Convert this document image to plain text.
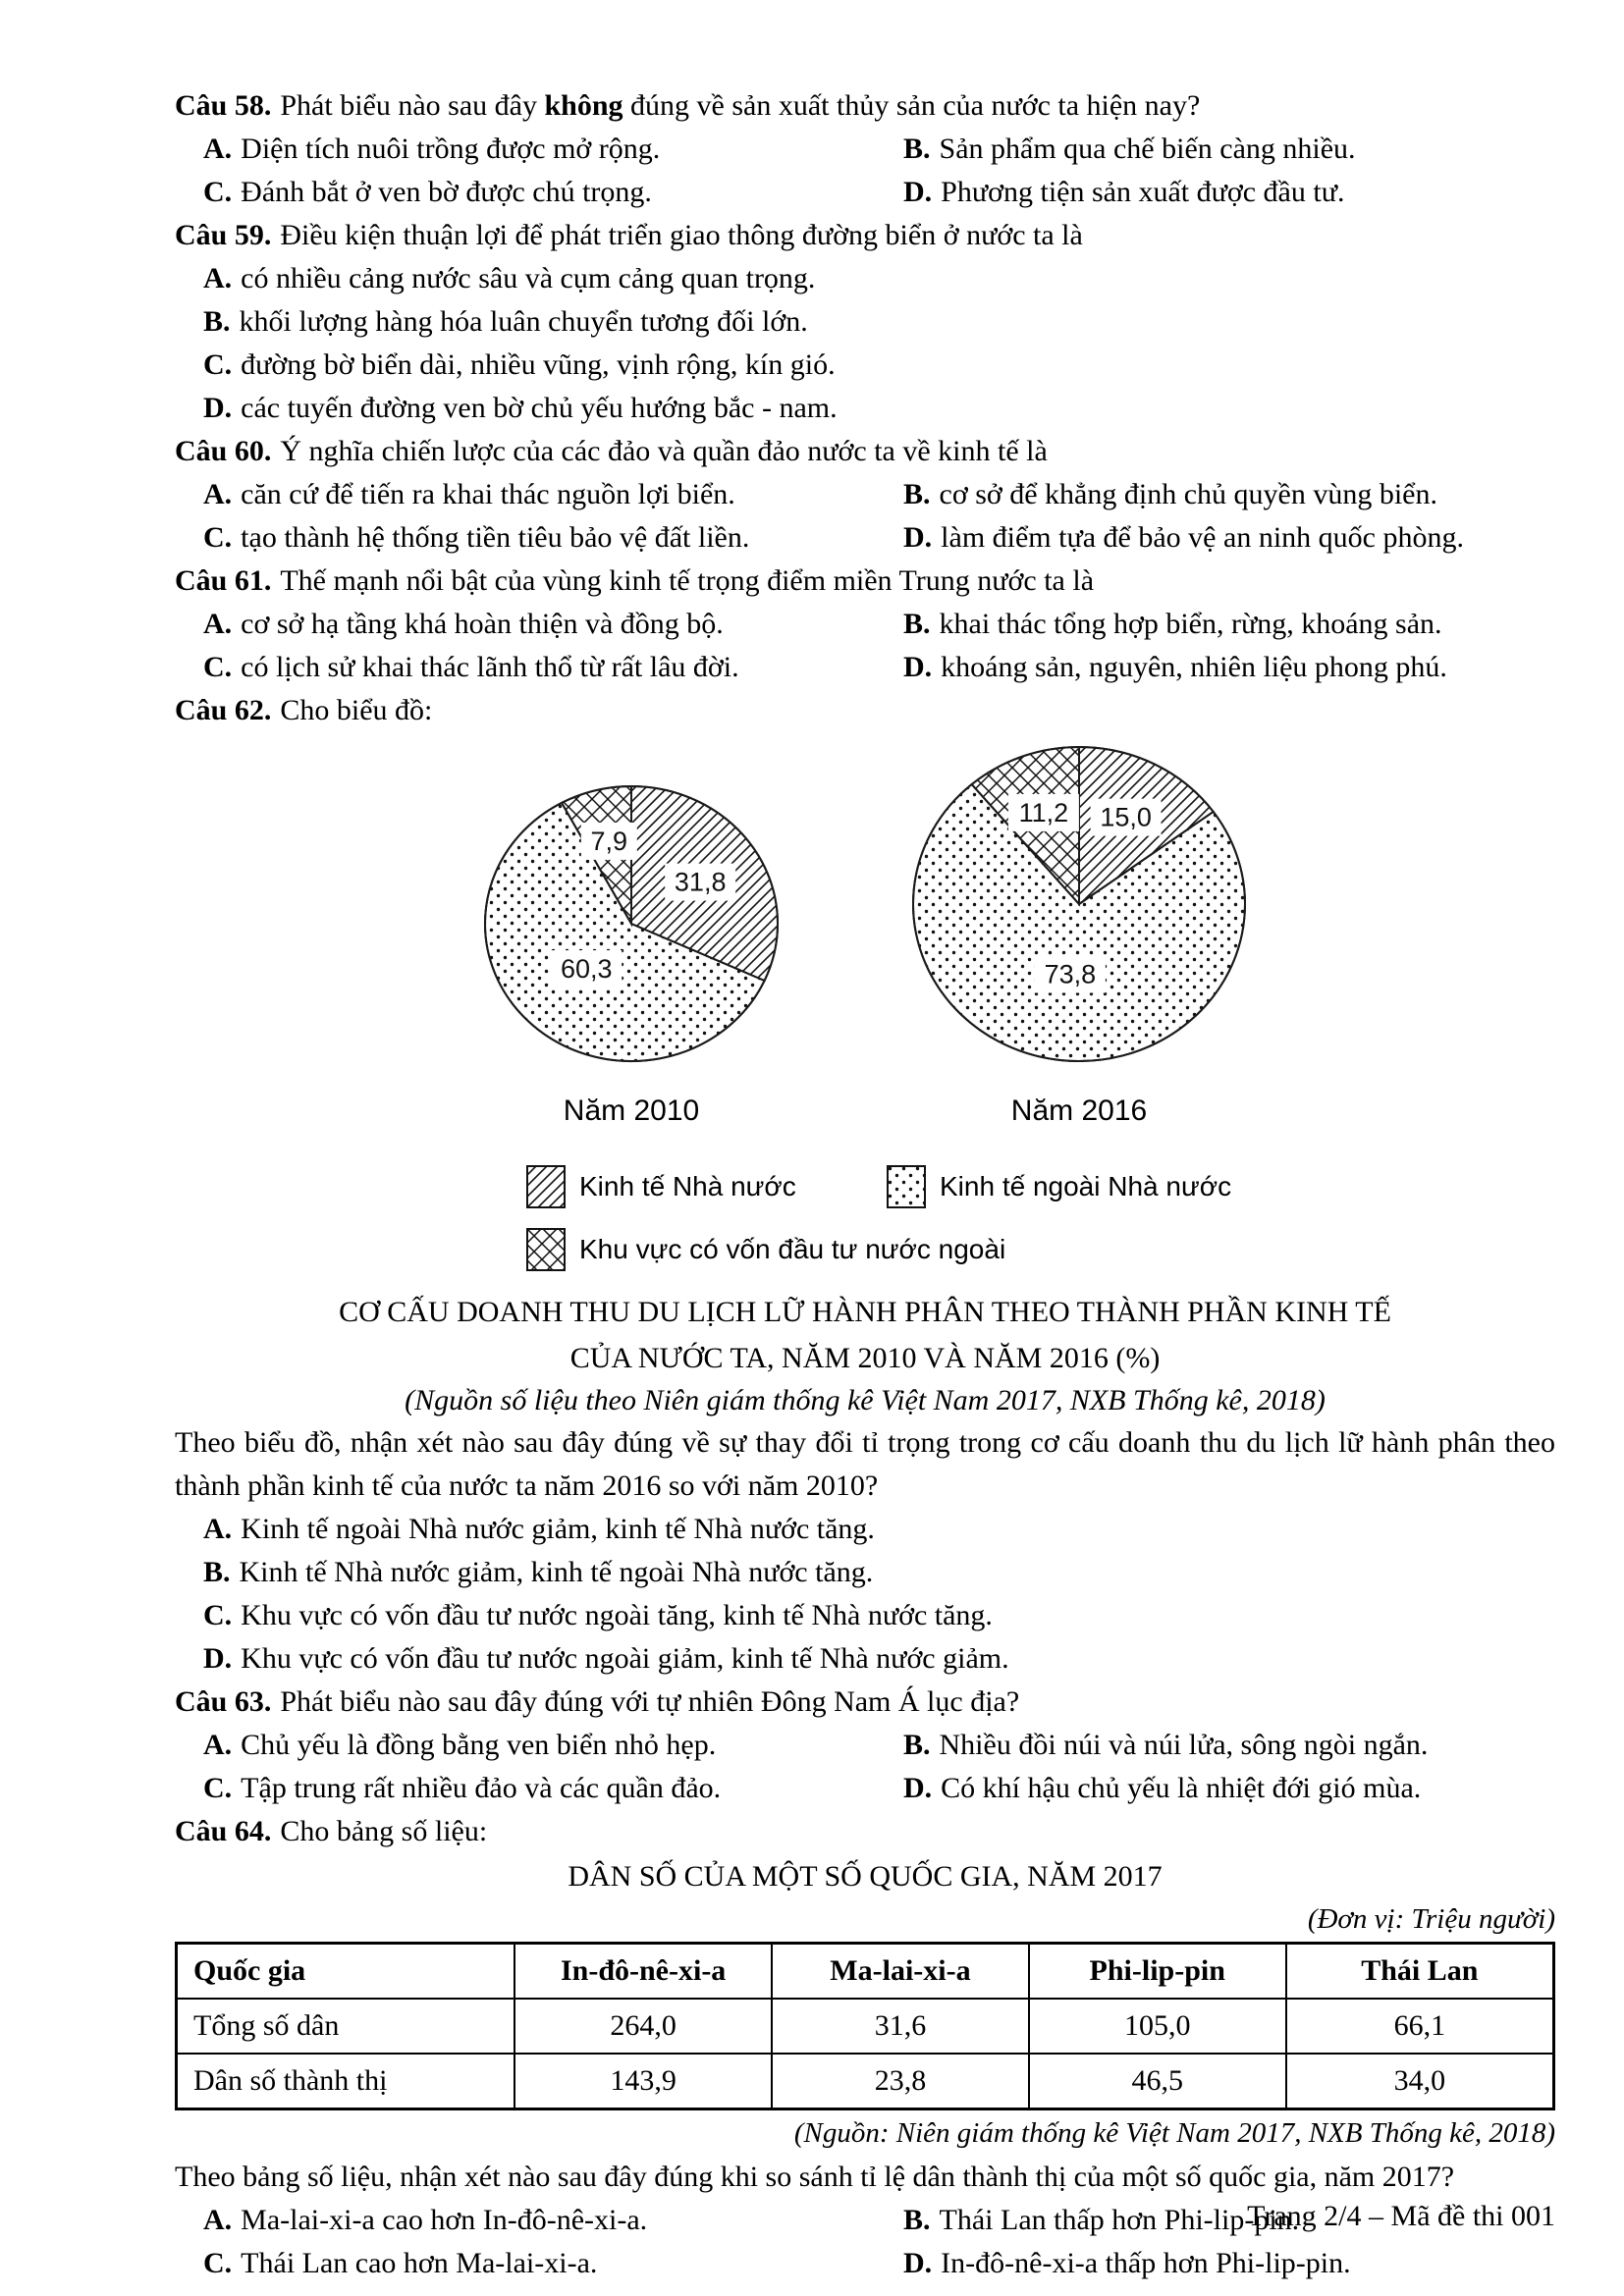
Câu 58. Phát biểu nào sau đây không đúng về sản xuất thủy sản của nước ta hiện nay?
A. Diện tích nuôi trồng được mở rộng.	B. Sản phẩm qua chế biến càng nhiều.
C. Đánh bắt ở ven bờ được chú trọng.	D. Phương tiện sản xuất được đầu tư.
Câu 59. Điều kiện thuận lợi để phát triển giao thông đường biển ở nước ta là
A. có nhiều cảng nước sâu và cụm cảng quan trọng.
B. khối lượng hàng hóa luân chuyển tương đối lớn.
C. đường bờ biển dài, nhiều vũng, vịnh rộng, kín gió.
D. các tuyến đường ven bờ chủ yếu hướng bắc - nam.
Câu 60. Ý nghĩa chiến lược của các đảo và quần đảo nước ta về kinh tế là
A. căn cứ để tiến ra khai thác nguồn lợi biển.	B. cơ sở để khẳng định chủ quyền vùng biển.
C. tạo thành hệ thống tiền tiêu bảo vệ đất liền.	D. làm điểm tựa để bảo vệ an ninh quốc phòng.
Câu 61. Thế mạnh nổi bật của vùng kinh tế trọng điểm miền Trung nước ta là
A. cơ sở hạ tầng khá hoàn thiện và đồng bộ.	B. khai thác tổng hợp biển, rừng, khoáng sản.
C. có lịch sử khai thác lãnh thổ từ rất lâu đời.	D. khoáng sản, nguyên, nhiên liệu phong phú.
Câu 62. Cho biểu đồ:
31,8
60,3
7,9
Năm 2010
15,0
73,8
11,2
Năm 2016
Kinh tế Nhà nước	Kinh tế ngoài Nhà nước
Khu vực có vốn đầu tư nước ngoài
CƠ CẤU DOANH THU DU LỊCH LỮ HÀNH PHÂN THEO THÀNH PHẦN KINH TẾ
CỦA NƯỚC TA, NĂM 2010 VÀ NĂM 2016 (%)
(Nguồn số liệu theo Niên giám thống kê Việt Nam 2017, NXB Thống kê, 2018)
Theo biểu đồ, nhận xét nào sau đây đúng về sự thay đổi tỉ trọng trong cơ cấu doanh thu du lịch lữ hành phân theo thành phần kinh tế của nước ta năm 2016 so với năm 2010?
A. Kinh tế ngoài Nhà nước giảm, kinh tế Nhà nước tăng.
B. Kinh tế Nhà nước giảm, kinh tế ngoài Nhà nước tăng.
C. Khu vực có vốn đầu tư nước ngoài tăng, kinh tế Nhà nước tăng.
D. Khu vực có vốn đầu tư nước ngoài giảm, kinh tế Nhà nước giảm.
Câu 63. Phát biểu nào sau đây đúng với tự nhiên Đông Nam Á lục địa?
A. Chủ yếu là đồng bằng ven biển nhỏ hẹp.	B. Nhiều đồi núi và núi lửa, sông ngòi ngắn.
C. Tập trung rất nhiều đảo và các quần đảo.	D. Có khí hậu chủ yếu là nhiệt đới gió mùa.
Câu 64. Cho bảng số liệu:
DÂN SỐ CỦA MỘT SỐ QUỐC GIA, NĂM 2017
(Đơn vị: Triệu người)
Quốc gia	In-đô-nê-xi-a	Ma-lai-xi-a	Phi-lip-pin	Thái Lan
Tổng số dân	264,0	31,6	105,0	66,1
Dân số thành thị	143,9	23,8	46,5	34,0
(Nguồn: Niên giám thống kê Việt Nam 2017, NXB Thống kê, 2018)
Theo bảng số liệu, nhận xét nào sau đây đúng khi so sánh tỉ lệ dân thành thị của một số quốc gia, năm 2017?
A. Ma-lai-xi-a cao hơn In-đô-nê-xi-a.	B. Thái Lan thấp hơn Phi-lip-pin.
C. Thái Lan cao hơn Ma-lai-xi-a.	D. In-đô-nê-xi-a thấp hơn Phi-lip-pin.
Trang 2/4 – Mã đề thi 001
